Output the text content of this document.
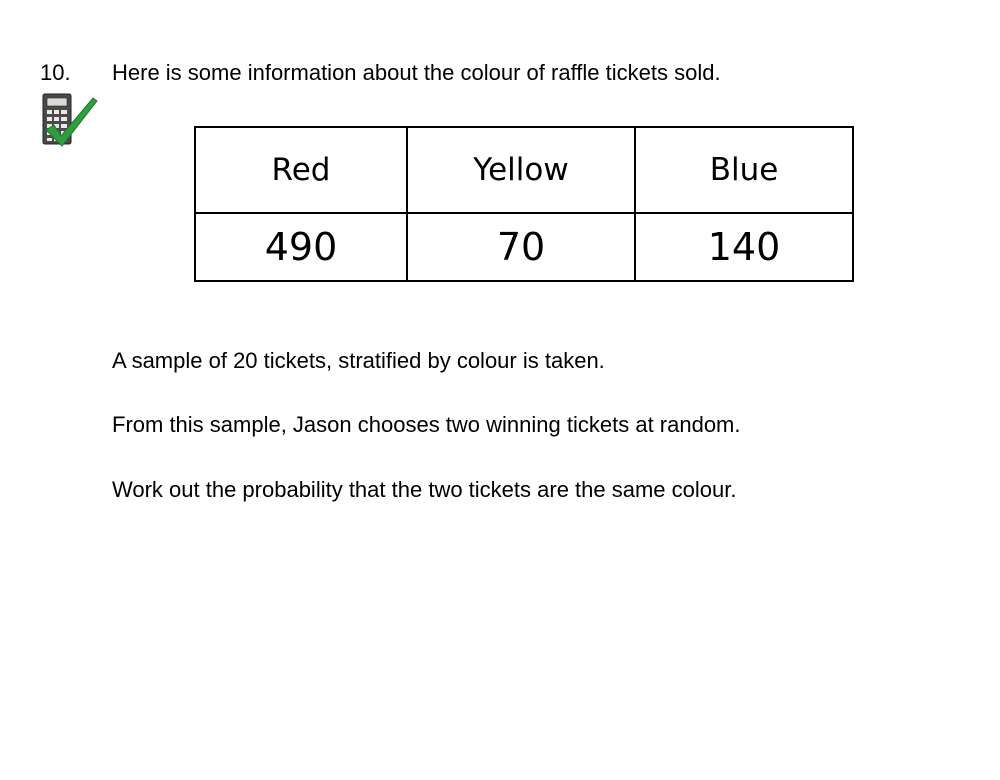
10. Here is some information about the colour of raffle tickets sold.
Red	Yellow	Blue
490	70	140
A sample of 20 tickets, stratified by colour is taken.
From this sample, Jason chooses two winning tickets at random.
Work out the probability that the two tickets are the same colour.
